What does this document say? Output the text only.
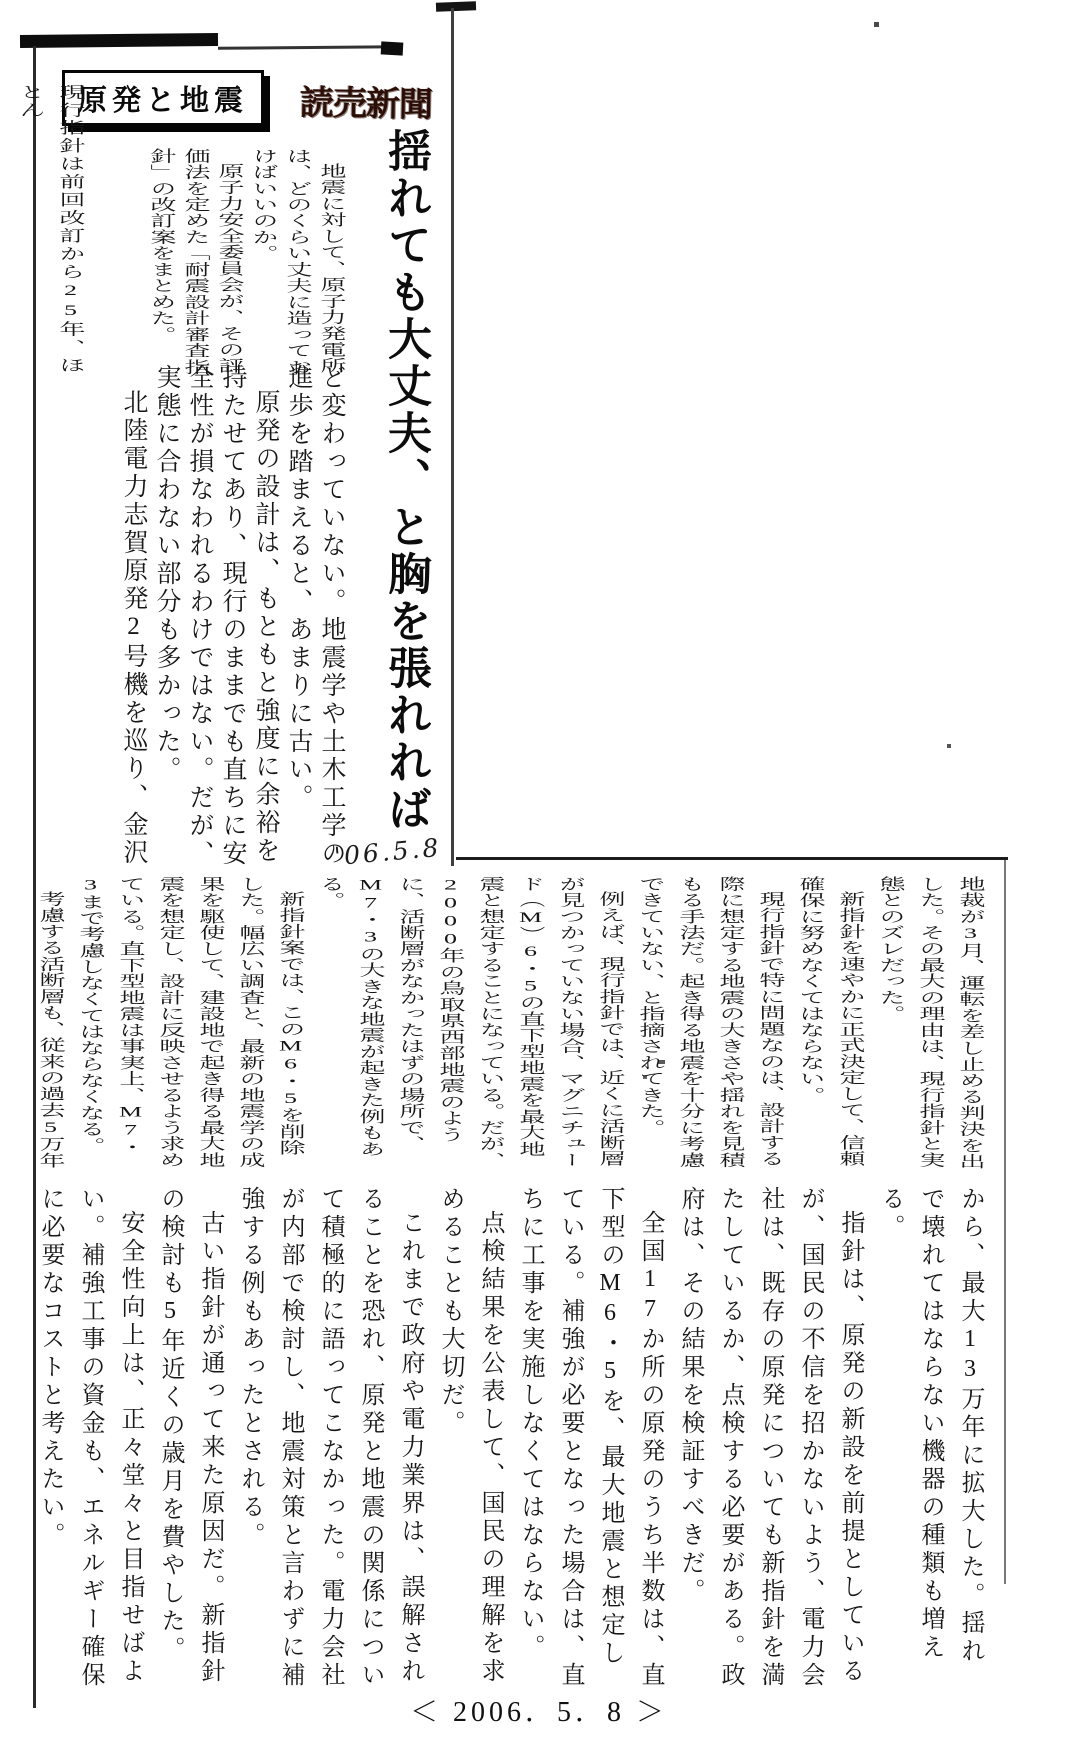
原発と地震 読売新聞
揺れても大丈夫、と胸を張れれば
'06.5.8

地震に対して、原子力発電所は、どのくらい丈夫に造っておけばいいのか。

原子力安全委員会が、その評価法を定めた「耐震設計審査指針」の改訂案をまとめた。

現行指針は前回改訂から25年、ほとん

ど変わっていない。地震学や土木工学の進歩を踏まえると、あまりに古い。

原発の設計は、もともと強度に余裕を持たせてあり、現行のままでも直ちに安全性が損なわれるわけではない。だが、実態に合わない部分も多かった。

北陸電力志賀原発2号機を巡り、金沢

地裁が3月、運転を差し止める判決を出した。その最大の理由は、現行指針と実態とのズレだった。

新指針を速やかに正式決定して、信頼確保に努めなくてはならない。

現行指針で特に問題なのは、設計する際に想定する地震の大きさや揺れを見積もる手法だ。起き得る地震を十分に考慮できていない、と指摘されてきた。

例えば、現行指針では、近くに活断層が見つかっていない場合、マグニチュード（M）6・5の直下型地震を最大地震と想定することになっている。だが、2000年の鳥取県西部地震のように、活断層がなかったはずの場所で、M7・3の大きな地震が起きた例もある。

新指針案では、このM6・5を削除した。幅広い調査と、最新の地震学の成果を駆使して、建設地で起き得る最大地震を想定し、設計に反映させるよう求めている。直下型地震は事実上、M7・3まで考慮しなくてはならなくなる。

考慮する活断層も、従来の過去5万年

から、最大13万年に拡大した。揺れで壊れてはならない機器の種類も増える。

指針は、原発の新設を前提としているが、国民の不信を招かないよう、電力会社は、既存の原発についても新指針を満たしているか、点検する必要がある。政府は、その結果を検証すべきだ。

全国17か所の原発のうち半数は、直下型のM6・5を、最大地震と想定している。補強が必要となった場合は、直ちに工事を実施しなくてはならない。

点検結果を公表して、国民の理解を求めることも大切だ。

これまで政府や電力業界は、誤解されることを恐れ、原発と地震の関係について積極的に語ってこなかった。電力会社が内部で検討し、地震対策と言わずに補強する例もあったとされる。

古い指針が通って来た原因だ。新指針の検討も5年近くの歳月を費やした。

安全性向上は、正々堂々と目指せばよい。補強工事の資金も、エネルギー確保に必要なコストと考えたい。

＜ 2006．5．8 ＞
